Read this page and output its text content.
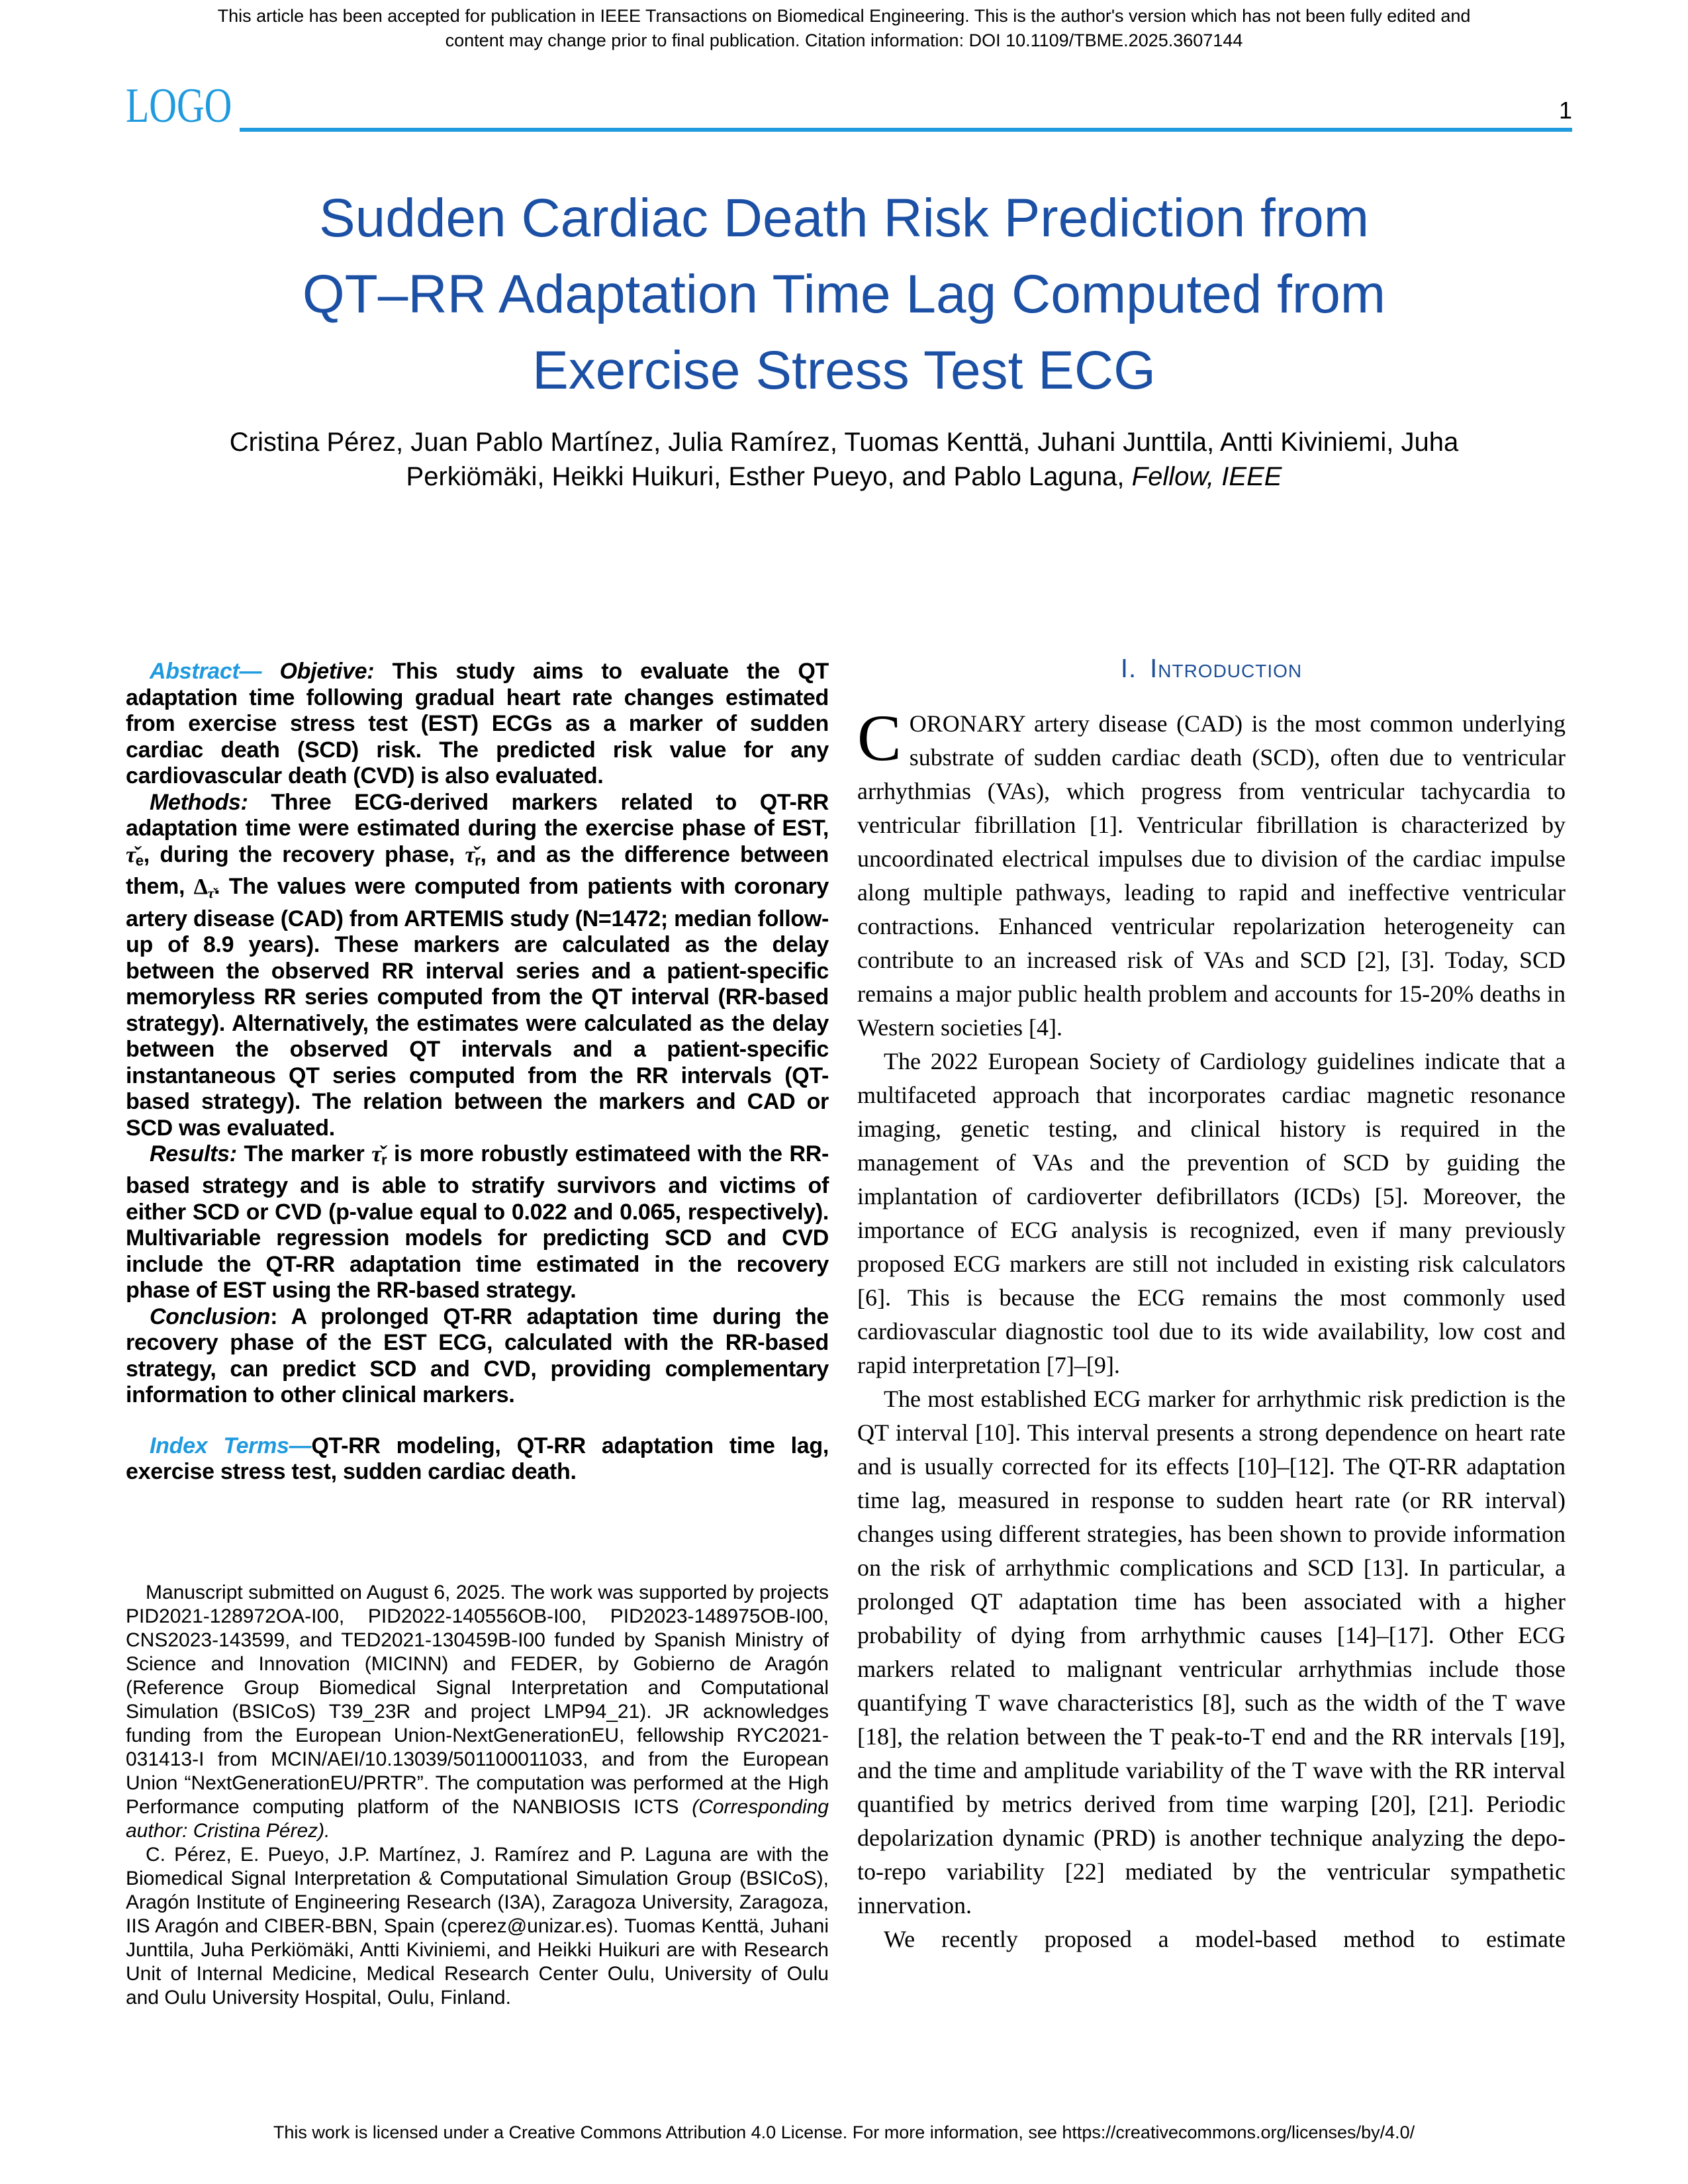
This article has been accepted for publication in IEEE Transactions on Biomedical Engineering. This is the author's version which has not been fully edited and
content may change prior to final publication. Citation information: DOI 10.1109/TBME.2025.3607144
LOGO	1
Sudden Cardiac Death Risk Prediction from
QT–RR Adaptation Time Lag Computed from
Exercise Stress Test ECG
Cristina Pérez, Juan Pablo Martínez, Julia Ramírez, Tuomas Kenttä, Juhani Junttila, Antti Kiviniemi, Juha
Perkiömäki, Heikki Huikuri, Esther Pueyo, and Pablo Laguna, Fellow, IEEE

Abstract— Objetive: This study aims to evaluate the QT adaptation time following gradual heart rate changes estimated from exercise stress test (EST) ECGs as a marker of sudden cardiac death (SCD) risk. The predicted risk value for any cardiovascular death (CVD) is also evaluated.

Methods: Three ECG-derived markers related to QT-RR adaptation time were estimated during the exercise phase of EST, τ̌e, during the recovery phase, τ̌r, and as the difference between them, Δτ̌. The values were computed from patients with coronary artery disease (CAD) from ARTEMIS study (N=1472; median follow-up of 8.9 years). These markers are calculated as the delay between the observed RR interval series and a patient-specific memoryless RR series computed from the QT interval (RR-based strategy). Alternatively, the estimates were calculated as the delay between the observed QT intervals and a patient-specific instantaneous QT series computed from the RR intervals (QT-based strategy). The relation between the markers and CAD or SCD was evaluated.

Results: The marker τ̌r is more robustly estimateed with the RR-based strategy and is able to stratify survivors and victims of either SCD or CVD (p-value equal to 0.022 and 0.065, respectively). Multivariable regression models for predicting SCD and CVD include the QT-RR adaptation time estimated in the recovery phase of EST using the RR-based strategy.

Conclusion: A prolonged QT-RR adaptation time during the recovery phase of the EST ECG, calculated with the RR-based strategy, can predict SCD and CVD, providing complementary information to other clinical markers.

Index Terms—QT-RR modeling, QT-RR adaptation time lag, exercise stress test, sudden cardiac death.

Manuscript submitted on August 6, 2025. The work was supported by projects PID2021-128972OA-I00, PID2022-140556OB-I00, PID2023-148975OB-I00, CNS2023-143599, and TED2021-130459B-I00 funded by Spanish Ministry of Science and Innovation (MICINN) and FEDER, by Gobierno de Aragón (Reference Group Biomedical Signal Interpretation and Computational Simulation (BSICoS) T39_23R and project LMP94_21). JR acknowledges funding from the European Union-NextGenerationEU, fellowship RYC2021-031413-I from MCIN/AEI/10.13039/501100011033, and from the European Union “NextGenerationEU/PRTR”. The computation was performed at the High Performance computing platform of the NANBIOSIS ICTS (Corresponding author: Cristina Pérez).

C. Pérez, E. Pueyo, J.P. Martínez, J. Ramírez and P. Laguna are with the Biomedical Signal Interpretation & Computational Simulation Group (BSICoS), Aragón Institute of Engineering Research (I3A), Zaragoza University, Zaragoza, IIS Aragón and CIBER-BBN, Spain (cperez@unizar.es). Tuomas Kenttä, Juhani Junttila, Juha Perkiömäki, Antti Kiviniemi, and Heikki Huikuri are with Research Unit of Internal Medicine, Medical Research Center Oulu, University of Oulu and Oulu University Hospital, Oulu, Finland.

I. Introduction

CORONARY artery disease (CAD) is the most common underlying substrate of sudden cardiac death (SCD), often due to ventricular arrhythmias (VAs), which progress from ventricular tachycardia to ventricular fibrillation [1]. Ventricular fibrillation is characterized by uncoordinated electrical impulses due to division of the cardiac impulse along multiple pathways, leading to rapid and ineffective ventricular contractions. Enhanced ventricular repolarization heterogeneity can contribute to an increased risk of VAs and SCD [2], [3]. Today, SCD remains a major public health problem and accounts for 15-20% deaths in Western societies [4].

The 2022 European Society of Cardiology guidelines indicate that a multifaceted approach that incorporates cardiac magnetic resonance imaging, genetic testing, and clinical history is required in the management of VAs and the prevention of SCD by guiding the implantation of cardioverter defibrillators (ICDs) [5]. Moreover, the importance of ECG analysis is recognized, even if many previously proposed ECG markers are still not included in existing risk calculators [6]. This is because the ECG remains the most commonly used cardiovascular diagnostic tool due to its wide availability, low cost and rapid interpretation [7]–[9].

The most established ECG marker for arrhythmic risk prediction is the QT interval [10]. This interval presents a strong dependence on heart rate and is usually corrected for its effects [10]–[12]. The QT-RR adaptation time lag, measured in response to sudden heart rate (or RR interval) changes using different strategies, has been shown to provide information on the risk of arrhythmic complications and SCD [13]. In particular, a prolonged QT adaptation time has been associated with a higher probability of dying from arrhythmic causes [14]–[17]. Other ECG markers related to malignant ventricular arrhythmias include those quantifying T wave characteristics [8], such as the width of the T wave [18], the relation between the T peak-to-T end and the RR intervals [19], and the time and amplitude variability of the T wave with the RR interval quantified by metrics derived from time warping [20], [21]. Periodic depolarization dynamic (PRD) is another technique analyzing the depo-to-repo variability [22] mediated by the ventricular sympathetic innervation.

We recently proposed a model-based method to estimate

This work is licensed under a Creative Commons Attribution 4.0 License. For more information, see https://creativecommons.org/licenses/by/4.0/
